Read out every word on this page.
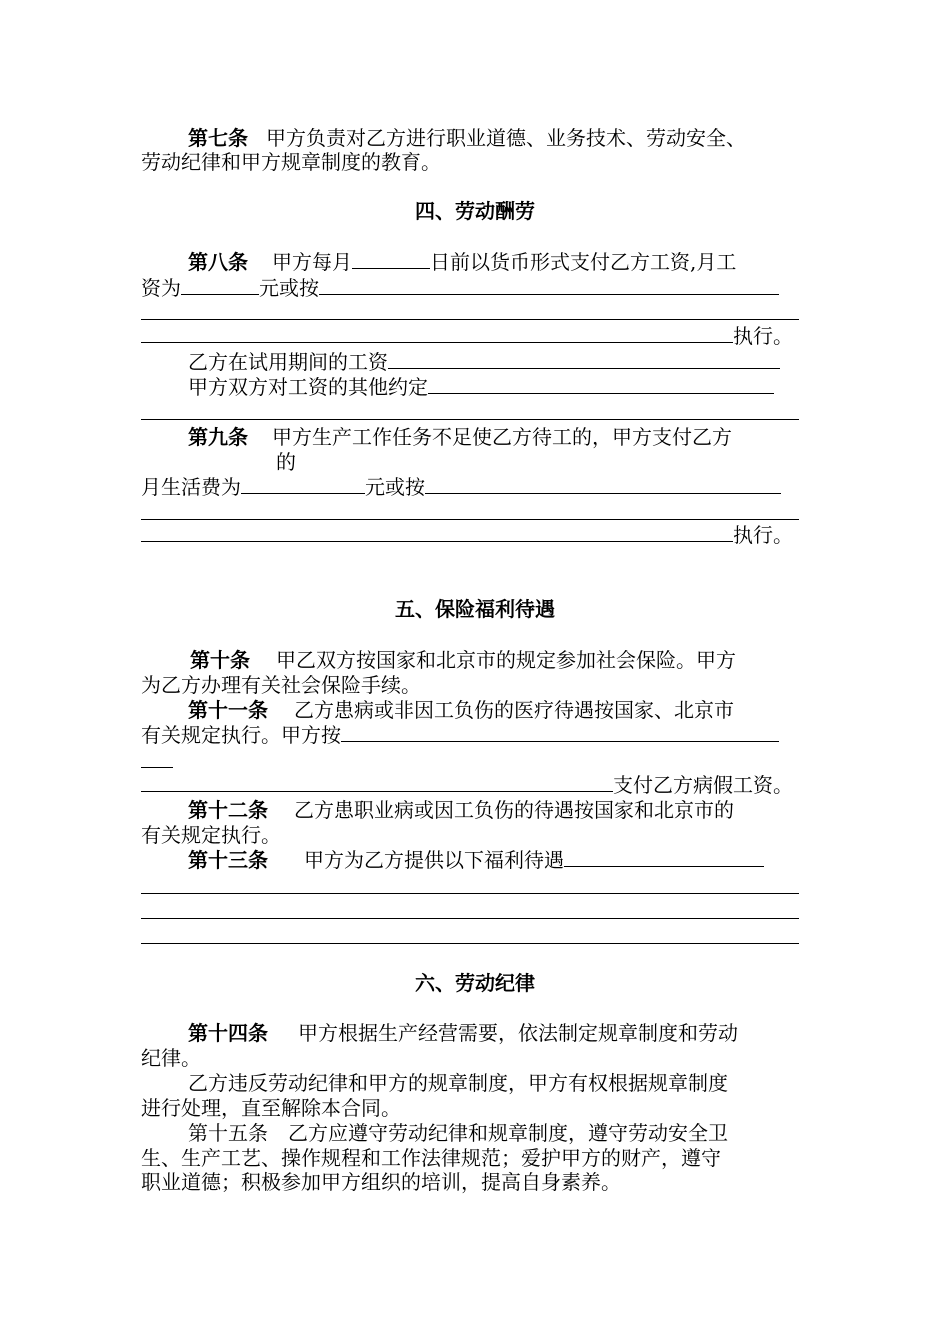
第七条 甲方负责对乙方进行职业道德、业务技术、劳动安全、
劳动纪律和甲方规章制度的教育。
四、劳动酬劳
第八条 甲方每月	日前以货币形式支付乙方工资,月工
资为	元或按
执行。
乙方在试用期间的工资
甲方双方对工资的其他约定
第九条 甲方生产工作任务不足使乙方待工的，甲方支付乙方
的
月生活费为	元或按
执行。
五、保险福利待遇
第十条 甲乙双方按国家和北京市的规定参加社会保险。甲方
为乙方办理有关社会保险手续。
第十一条 乙方患病或非因工负伤的医疗待遇按国家、北京市
有关规定执行。甲方按
支付乙方病假工资。
第十二条 乙方患职业病或因工负伤的待遇按国家和北京市的
有关规定执行。
第十三条 甲方为乙方提供以下福利待遇
六、劳动纪律
第十四条 甲方根据生产经营需要，依法制定规章制度和劳动
纪律。
乙方违反劳动纪律和甲方的规章制度，甲方有权根据规章制度
进行处理，直至解除本合同。
第十五条　乙方应遵守劳动纪律和规章制度，遵守劳动安全卫
生、生产工艺、操作规程和工作法律规范；爱护甲方的财产，遵守
职业道德；积极参加甲方组织的培训，提高自身素养。
